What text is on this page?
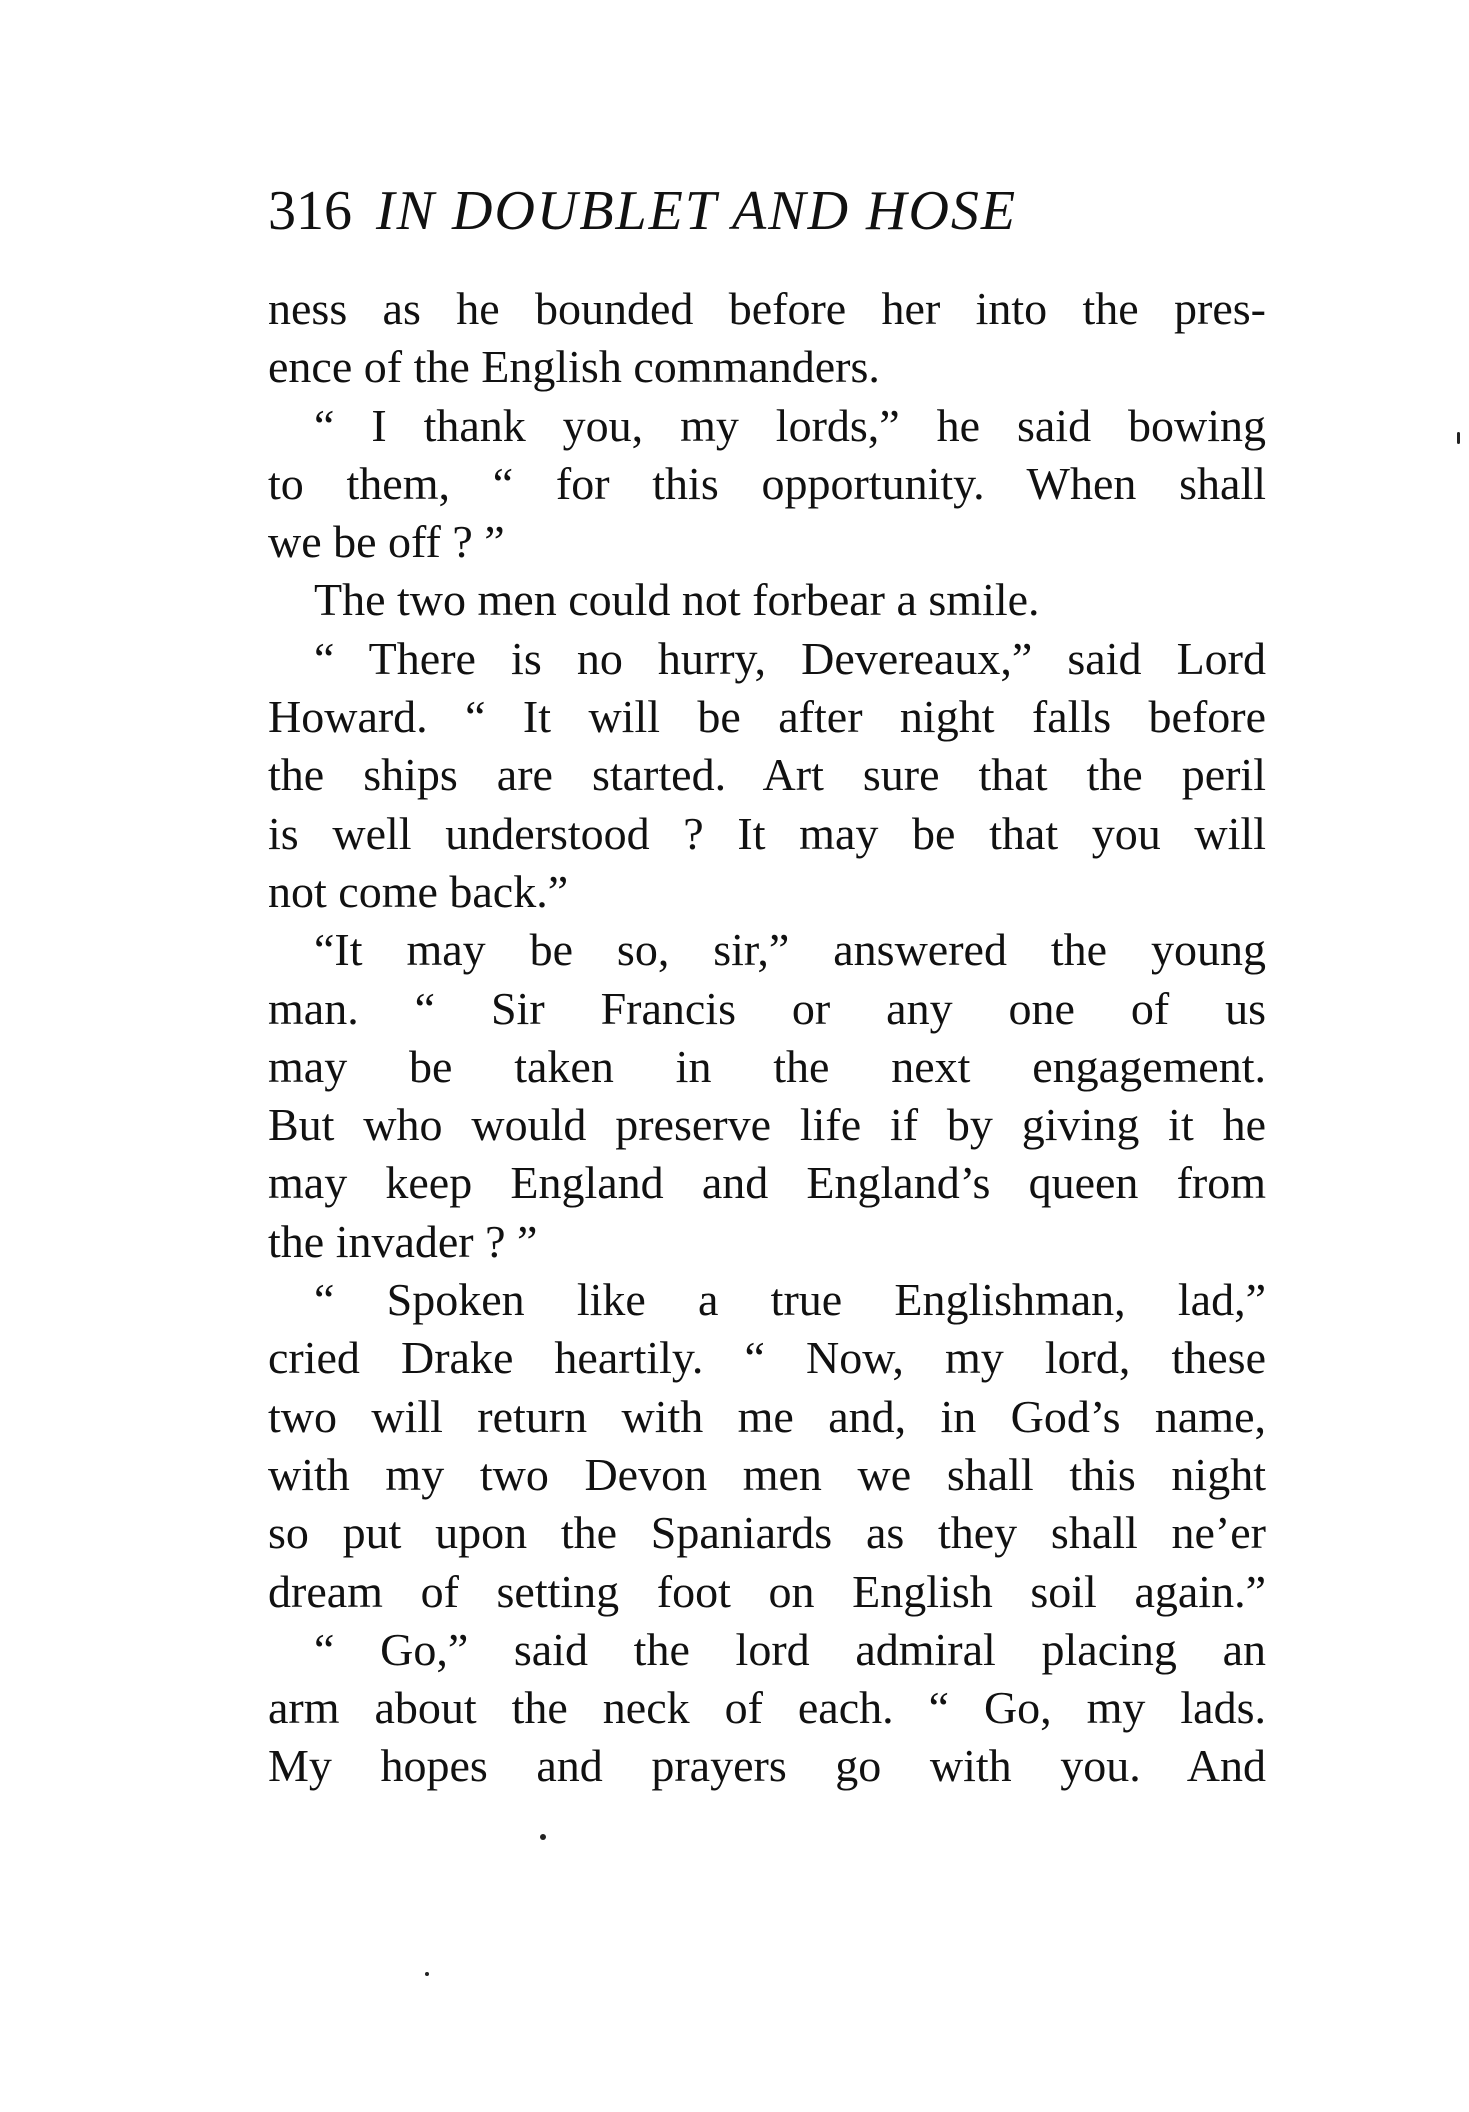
316 IN DOUBLET AND HOSE
ness as he bounded before her into the pres-
ence of the English commanders.
“ I thank you, my lords,” he said bowing
to them, “ for this opportunity. When shall
we be off ? ”
The two men could not forbear a smile.
“ There is no hurry, Devereaux,” said Lord
Howard. “ It will be after night falls before
the ships are started. Art sure that the peril
is well understood ? It may be that you will
not come back.”
“It may be so, sir,” answered the young
man. “ Sir Francis or any one of us
may be taken in the next engagement.
But who would preserve life if by giving it he
may keep England and England’s queen from
the invader ? ”
“ Spoken like a true Englishman, lad,”
cried Drake heartily. “ Now, my lord, these
two will return with me and, in God’s name,
with my two Devon men we shall this night
so put upon the Spaniards as they shall ne’er
dream of setting foot on English soil again.”
“ Go,” said the lord admiral placing an
arm about the neck of each. “ Go, my lads.
My hopes and prayers go with you. And
